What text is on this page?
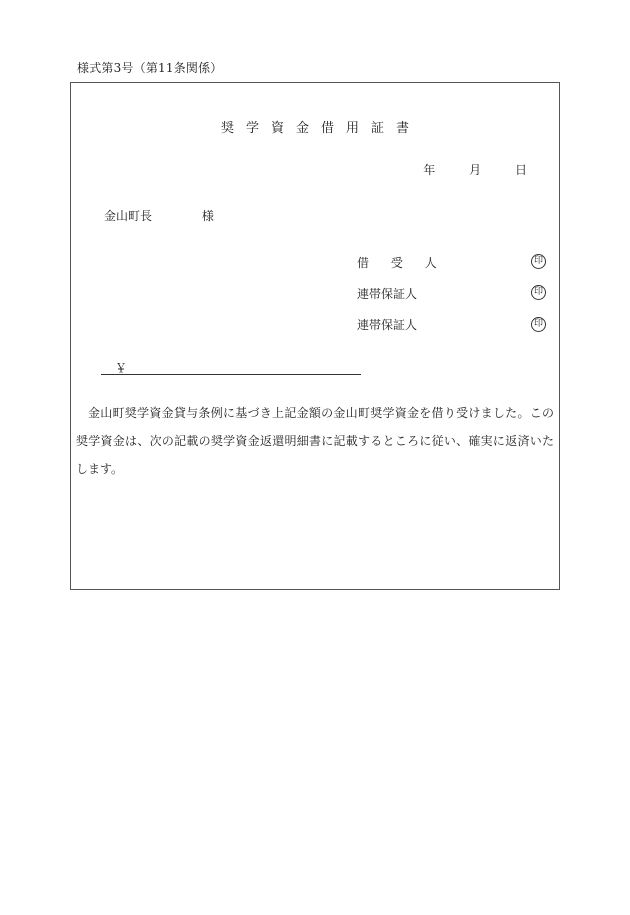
様式第3号（第11条関係）
奨学資金借用証書
年	月	日
金山町長	様
借 受 人	印
連帯保証人	印
連帯保証人	印
￥
金山町奨学資金貸与条例に基づき上記金額の金山町奨学資金を借り受けました。この奨学資金は、次の記載の奨学資金返還明細書に記載するところに従い、確実に返済いたします。
